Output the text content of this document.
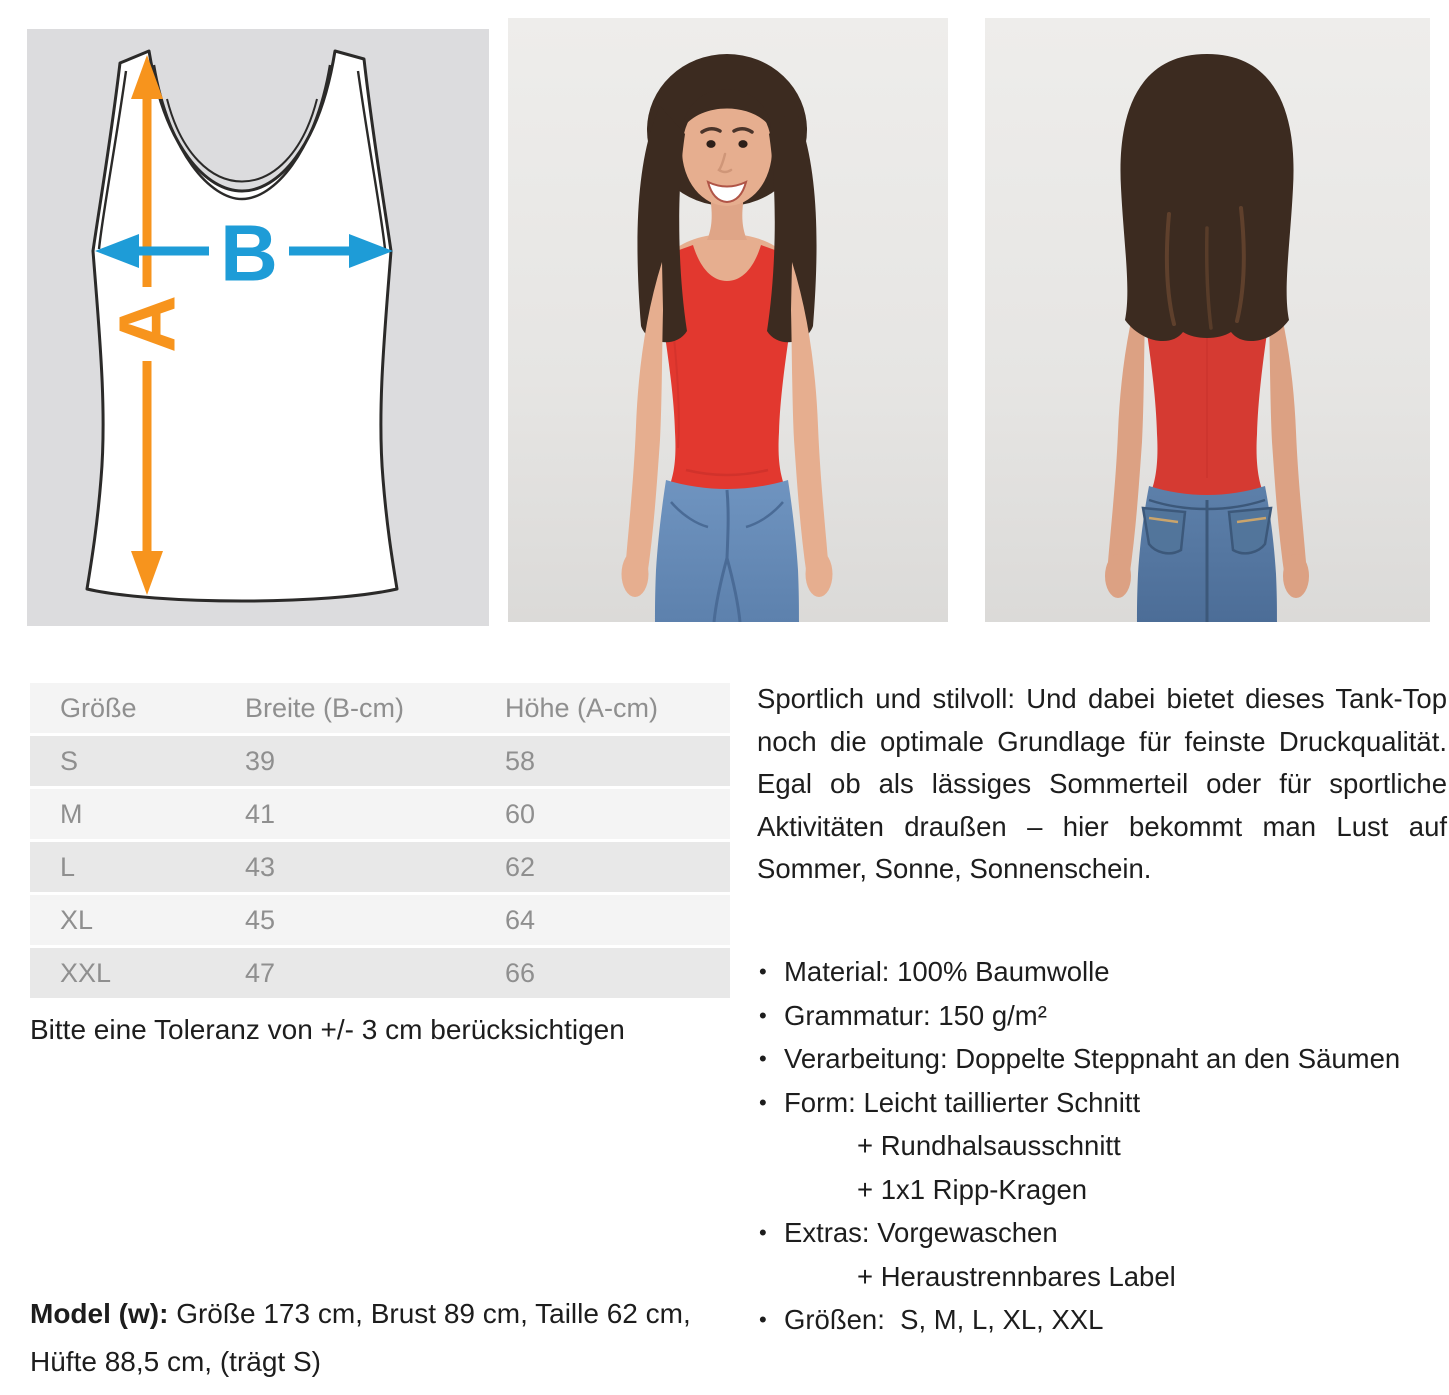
A
B
Größe	Breite (B-cm)	Höhe (A-cm)
S	39	58
M	41	60
L	43	62
XL	45	64
XXL	47	66

Bitte eine Toleranz von +/- 3 cm berücksichtigen

Model (w): Größe 173 cm, Brust 89 cm, Taille 62 cm, Hüfte 88,5 cm, (trägt S)

Sportlich und stilvoll: Und dabei bietet dieses Tank-Top noch die optimale Grundlage für feinste Druckqualität. Egal ob als lässiges Sommerteil oder für sportliche Aktivitäten draußen – hier bekommt man Lust auf Sommer, Sonne, Sonnenschein.

• Material: 100% Baumwolle
• Grammatur: 150 g/m²
• Verarbeitung: Doppelte Steppnaht an den Säumen
• Form: Leicht taillierter Schnitt
+ Rundhalsausschnitt
+ 1x1 Ripp-Kragen
• Extras: Vorgewaschen
+ Heraustrennbares Label
• Größen:  S, M, L, XL, XXL
